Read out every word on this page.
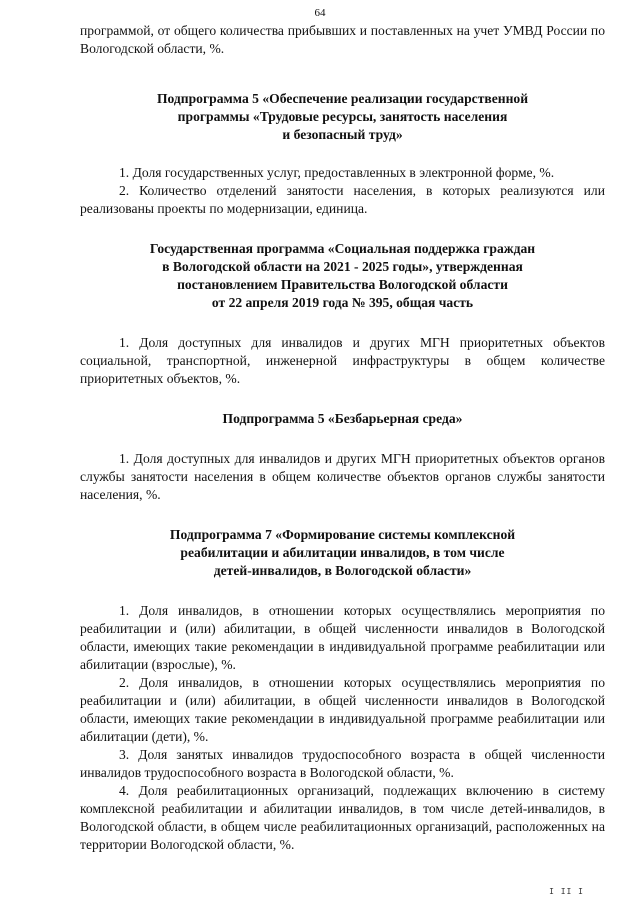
64

программой, от общего количества прибывших и поставленных на учет УМВД России по Вологодской области, %.

Подпрограмма 5 «Обеспечение реализации государственной

программы «Трудовые ресурсы, занятость населения

и безопасный труд»

1. Доля государственных услуг, предоставленных в электронной форме, %.

2. Количество отделений занятости населения, в которых реализуются или реализованы проекты по модернизации, единица.

Государственная программа «Социальная поддержка граждан

в Вологодской области на 2021 - 2025 годы», утвержденная

постановлением Правительства Вологодской области

от 22 апреля 2019 года № 395, общая часть

1. Доля доступных для инвалидов и других МГН приоритетных объектов социальной, транспортной, инженерной инфраструктуры в общем количестве приоритетных объектов, %.

Подпрограмма 5 «Безбарьерная среда»

1. Доля доступных для инвалидов и других МГН приоритетных объектов органов службы занятости населения в общем количестве объектов органов службы занятости населения, %.

Подпрограмма 7 «Формирование системы комплексной

реабилитации и абилитации инвалидов, в том числе

детей-инвалидов, в Вологодской области»

1. Доля инвалидов, в отношении которых осуществлялись мероприятия по реабилитации и (или) абилитации, в общей численности инвалидов в Вологодской области, имеющих такие рекомендации в индивидуальной программе реабилитации или абилитации (взрослые), %.

2. Доля инвалидов, в отношении которых осуществлялись мероприятия по реабилитации и (или) абилитации, в общей численности инвалидов в Вологодской области, имеющих такие рекомендации в индивидуальной программе реабилитации или абилитации (дети), %.

3. Доля занятых инвалидов трудоспособного возраста в общей численности инвалидов трудоспособного возраста в Вологодской области, %.

4. Доля реабилитационных организаций, подлежащих включению в систему комплексной реабилитации и абилитации инвалидов, в том числе детей-инвалидов, в Вологодской области, в общем числе реабилитационных организаций, расположенных на территории Вологодской области, %.

I II I
